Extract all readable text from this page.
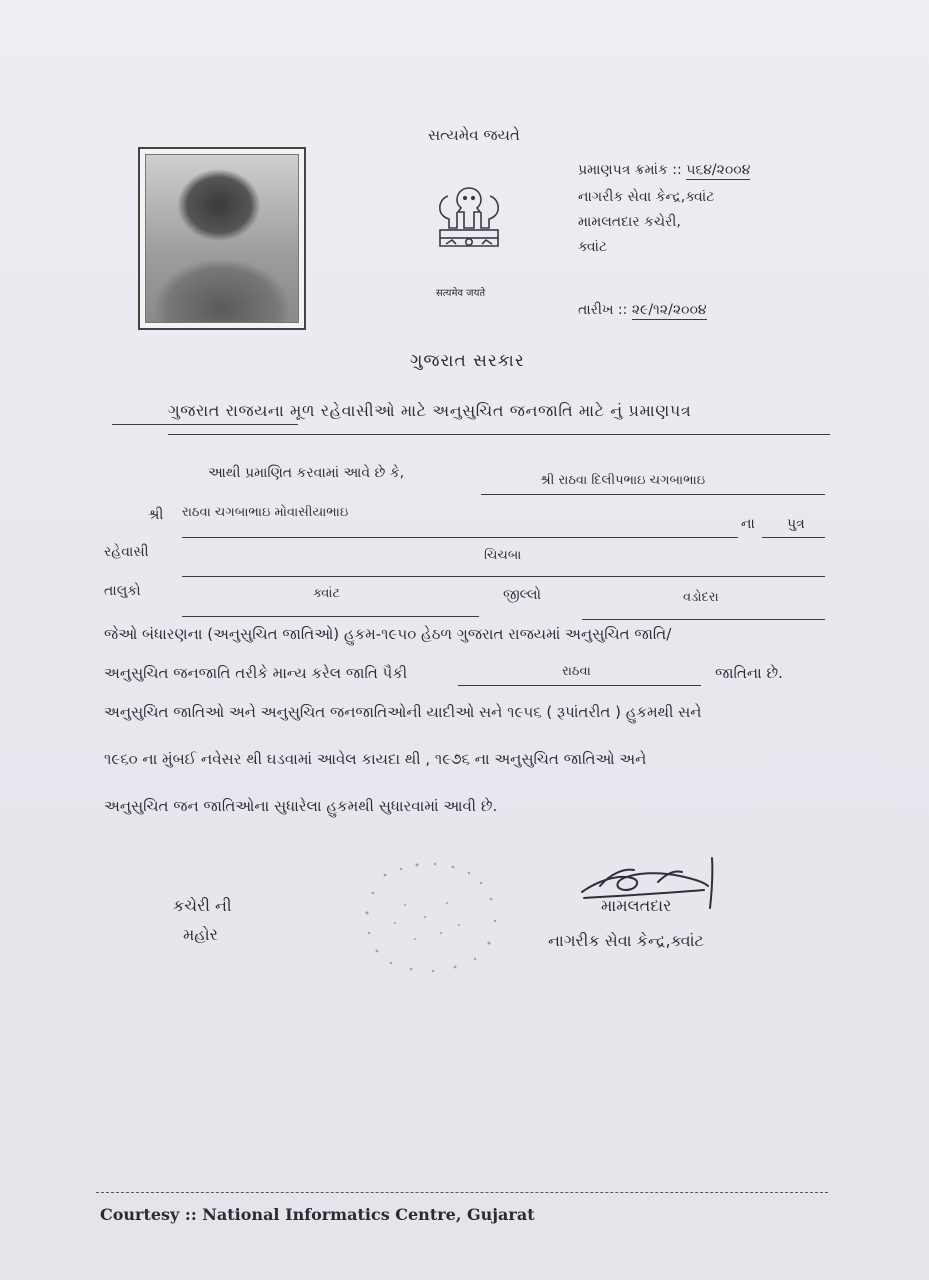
સત્યમેવ જયતે
सत्यमेव जयते
પ્રમાણપત્ર ક્રમાંક :: ૫૬૪/૨૦૦૪
નાગરીક સેવા કેન્દ્ર,ક્વાંટ
મામલતદાર કચેરી,
ક્વાંટ
તારીખ :: ૨૯/૧૨/૨૦૦૪
ગુજરાત સરકાર
ગુજરાત રાજયના મૂળ રહેવાસીઓ માટે અનુસુચિત જનજાતિ માટે નું પ્રમાણપત્ર
આથી પ્રમાણિત કરવામાં આવે છે કે,	શ્રી રાઠવા દિલીપભાઇ ચગબાભાઇ
શ્રી રાઠવા ચગબાભાઇ મોવાસીયાભાઇ
ના પુત્ર
રહેવાસી	ચિચબા
તાલુકો	ક્વાંટ	જીલ્લો	વડોદરા
જેઓ બંધારણના (અનુસુચિત જાતિઓ) હુકમ-૧૯૫૦ હેઠળ ગુજરાત રાજયમાં અનુસુચિત જાતિ/
અનુસુચિત જનજાતિ તરીકે માન્ય કરેલ જાતિ પૈકી	રાઠવા	જાતિના છે.
અનુસુચિત જાતિઓ અને અનુસુચિત જનજાતિઓની યાદીઓ સને ૧૯૫૬ ( રૂપાંતરીત ) હુકમથી સને
૧૯૬૦ ના મુંબઈ નવેસર થી ઘડવામાં આવેલ કાયદા થી , ૧૯૭૬ ના અનુસુચિત જાતિઓ અને
અનુસુચિત જન જાતિઓના સુધારેલા હુકમથી સુધારવામાં આવી છે.
કચેરી ની
મહોર
મામલતદાર
નાગરીક સેવા કેન્દ્ર,ક્વાંટ
Courtesy :: National Informatics Centre, Gujarat
